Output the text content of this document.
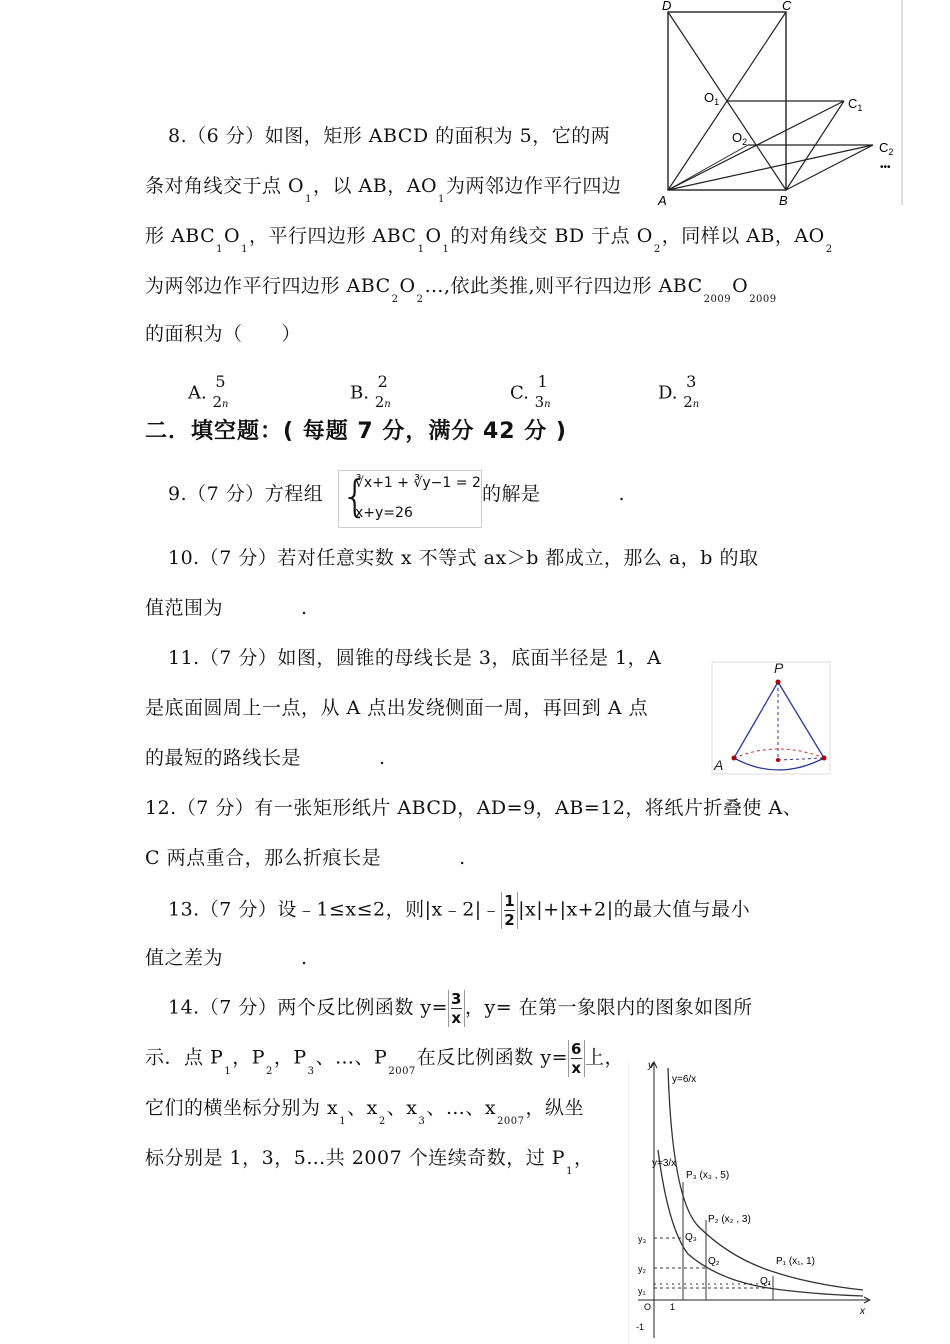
D	C
A	B
$O_1$
$O_2$
$C_1$
$C_2$
•••
8.（6 分）如图，矩形 ABCD 的面积为 5，它的两
条对角线交于点 $O_1$，以 AB，$AO_1$为两邻边作平行四边
形 $ABC_1O_1$，平行四边形 $ABC_1O_1$的对角线交 BD 于点 $O_2$，同样以 AB，$AO_2$
为两邻边作平行四边形 $ABC_2O_2\dots$,依此类推,则平行四边形 $ABC_{2009}O_{2009}$
的面积为（　　）
A.
5
2n
B.
2
2n
C.
1
3n
D.
3
2n
二．填空题：( 每题 7 分，满分 42 分 )
9.（7 分）方程组 {
∛x+1 + ∛y−1 = 2
x+y=26
的解是　　　　.
10.（7 分）若对任意实数 x 不等式 ax＞b 都成立，那么 a，b 的取
值范围为　　　　.
11.（7 分）如图，圆锥的母线长是 3，底面半径是 1，A
是底面圆周上一点，从 A 点出发绕侧面一周，再回到 A 点
的最短的路线长是　　　　.
P
A
12.（7 分）有一张矩形纸片 ABCD，AD=9，AB=12，将纸片折叠使 A、
C 两点重合，那么折痕长是　　　　.
13.（7 分）设﹣1≤x≤2，则|x﹣2|﹣ $\frac{1}{2} |x|+|x+2|$的最大值与最小
值之差为　　　　.
14.（7 分）两个反比例函数 $y= \frac{3}{x}$ ，y= 在第一象限内的图象如图所
示．点 $P_1$，$P_2$，$P_3$、…、$P_{2007}$在反比例函数 $y= \frac{6}{x}$ 上，
它们的横坐标分别为 $x_1$、$x_2$、$x_3$、…、$x_{2007}$，纵坐
标分别是 1，3，5…共 2007 个连续奇数，过 $P_1$，
y
x
y=6/x
y=3/x
P₃ (x₃ , 5)
P₂ (x₂ , 3)
P₁ (x₁, 1)
Q₃
Q₂
Q₁
y₃
y₂
y₁
1
O
-1
